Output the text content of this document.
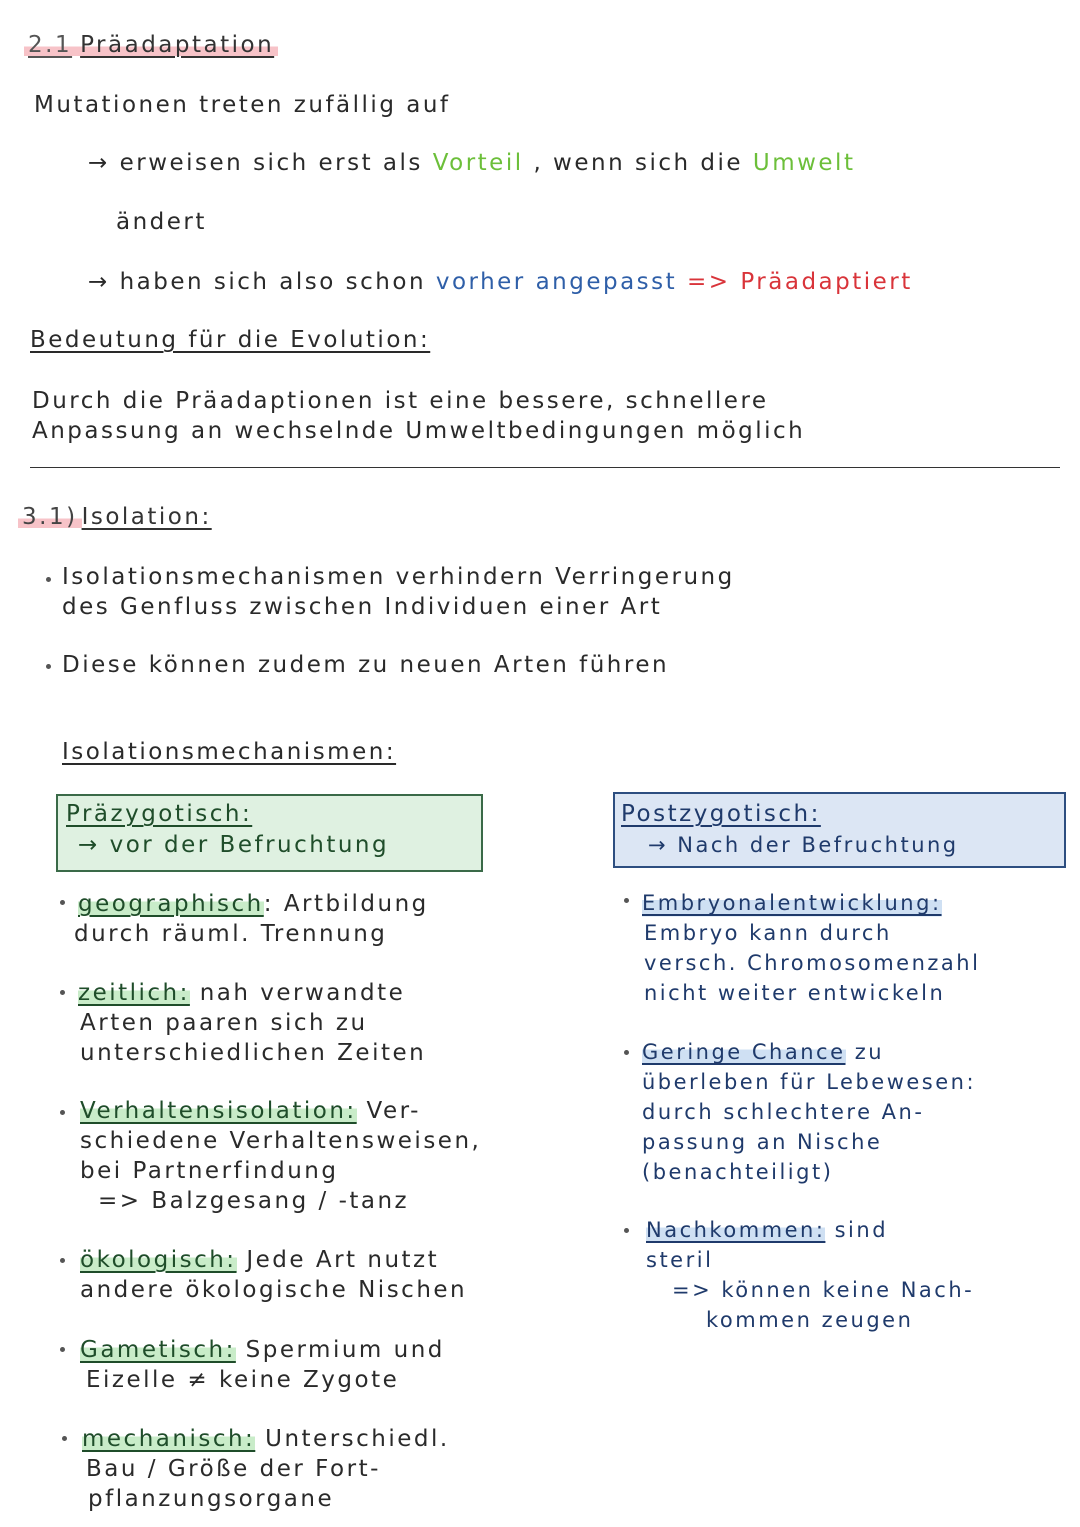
2.1 Präadaptation
Mutationen treten zufällig auf
→ erweisen sich erst als Vorteil , wenn sich die Umwelt
ändert
→ haben sich also schon vorher angepasst => Präadaptiert
Bedeutung für die Evolution:
Durch die Präadaptionen ist eine bessere, schnellere
Anpassung an wechselnde Umweltbedingungen möglich
3.1) Isolation:
Isolationsmechanismen verhindern Verringerung
des Genfluss zwischen Individuen einer Art
Diese können zudem zu neuen Arten führen
Isolationsmechanismen:
Präzygotisch:
→ vor der Befruchtung
geographisch: Artbildung
durch räuml. Trennung
zeitlich: nah verwandte
Arten paaren sich zu
unterschiedlichen Zeiten
Verhaltensisolation: Ver-
schiedene Verhaltensweisen,
bei Partnerfindung
=> Balzgesang / -tanz
ökologisch: Jede Art nutzt
andere ökologische Nischen
Gametisch: Spermium und
Eizelle ≠ keine Zygote
mechanisch: Unterschiedl.
Bau / Größe der Fort-
pflanzungsorgane
Postzygotisch:
→ Nach der Befruchtung
Embryonalentwicklung:
Embryo kann durch
versch. Chromosomenzahl
nicht weiter entwickeln
Geringe Chance zu
überleben für Lebewesen:
durch schlechtere An-
passung an Nische
(benachteiligt)
Nachkommen: sind
steril
=> können keine Nach-
kommen zeugen
